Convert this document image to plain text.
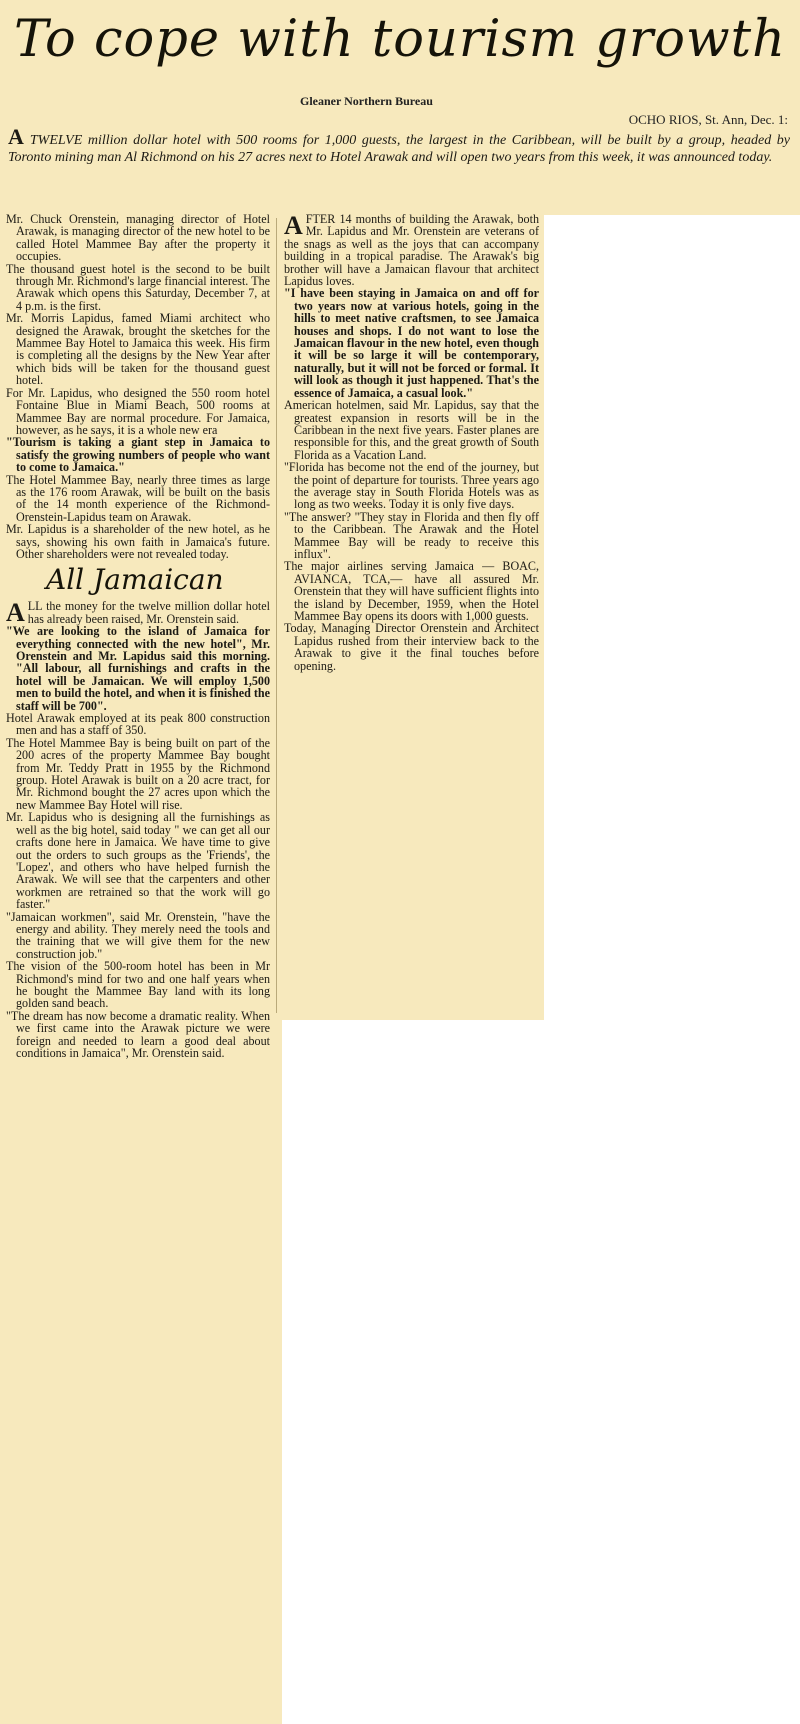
To cope with tourism growth
Gleaner Northern Bureau
OCHO RIOS, St. Ann, Dec. 1:
ATWELVE million dollar hotel with 500 rooms for 1,000 guests, the largest in the Caribbean, will be built by a group, headed by Toronto mining man Al Richmond on his 27 acres next to Hotel Arawak and will open two years from this week, it was announced today.

Mr. Chuck Orenstein, managing director of Hotel Arawak, is managing director of the new hotel to be called Hotel Mammee Bay after the property it occupies.

The thousand guest hotel is the second to be built through Mr. Richmond's large financial interest. The Arawak which opens this Saturday, December 7, at 4 p.m. is the first.

Mr. Morris Lapidus, famed Miami architect who designed the Arawak, brought the sketches for the Mammee Bay Hotel to Jamaica this week. His firm is completing all the designs by the New Year after which bids will be taken for the thousand guest hotel.

For Mr. Lapidus, who designed the 550 room hotel Fontaine Blue in Miami Beach, 500 rooms at Mammee Bay are normal procedure. For Jamaica, however, as he says, it is a whole new era

"Tourism is taking a giant step in Jamaica to satisfy the growing numbers of people who want to come to Jamaica."

The Hotel Mammee Bay, nearly three times as large as the 176 room Arawak, will be built on the basis of the 14 month experience of the Richmond-Orenstein-Lapidus team on Arawak.

Mr. Lapidus is a shareholder of the new hotel, as he says, showing his own faith in Jamaica's future. Other shareholders were not revealed today.

All Jamaican

ALL the money for the twelve million dollar hotel has already been raised, Mr. Orenstein said.

"We are looking to the island of Jamaica for everything connected with the new hotel", Mr. Orenstein and Mr. Lapidus said this morning. "All labour, all furnishings and crafts in the hotel will be Jamaican. We will employ 1,500 men to build the hotel, and when it is finished the staff will be 700".

Hotel Arawak employed at its peak 800 construction men and has a staff of 350.

The Hotel Mammee Bay is being built on part of the 200 acres of the property Mammee Bay bought from Mr. Teddy Pratt in 1955 by the Richmond group. Hotel Arawak is built on a 20 acre tract, for Mr. Richmond bought the 27 acres upon which the new Mammee Bay Hotel will rise.

Mr. Lapidus who is designing all the furnishings as well as the big hotel, said today " we can get all our crafts done here in Jamaica. We have time to give out the orders to such groups as the 'Friends', the 'Lopez', and others who have helped furnish the Arawak. We will see that the carpenters and other workmen are retrained so that the work will go faster."

"Jamaican workmen", said Mr. Orenstein, "have the energy and ability. They merely need the tools and the training that we will give them for the new construction job."

The vision of the 500-room hotel has been in Mr Richmond's mind for two and one half years when he bought the Mammee Bay land with its long golden sand beach.

"The dream has now become a dramatic reality. When we first came into the Arawak picture we were foreign and needed to learn a good deal about conditions in Jamaica", Mr. Orenstein said.

AFTER 14 months of building the Arawak, both Mr. Lapidus and Mr. Orenstein are veterans of the snags as well as the joys that can accompany building in a tropical paradise. The Arawak's big brother will have a Jamaican flavour that architect Lapidus loves.

"I have been staying in Jamaica on and off for two years now at various hotels, going in the hills to meet native craftsmen, to see Jamaica houses and shops. I do not want to lose the Jamaican flavour in the new hotel, even though it will be so large it will be contemporary, naturally, but it will not be forced or formal. It will look as though it just happened. That's the essence of Jamaica, a casual look."

American hotelmen, said Mr. Lapidus, say that the greatest expansion in resorts will be in the Caribbean in the next five years. Faster planes are responsible for this, and the great growth of South Florida as a Vacation Land.

"Florida has become not the end of the journey, but the point of departure for tourists. Three years ago the average stay in South Florida Hotels was as long as two weeks. Today it is only five days.

"The answer? "They stay in Florida and then fly off to the Caribbean. The Arawak and the Hotel Mammee Bay will be ready to receive this influx".

The major airlines serving Jamaica — BOAC, AVIANCA, TCA,— have all assured Mr. Orenstein that they will have sufficient flights into the island by December, 1959, when the Hotel Mammee Bay opens its doors with 1,000 guests.

Today, Managing Director Orenstein and Architect Lapidus rushed from their interview back to the Arawak to give it the final touches before opening.
